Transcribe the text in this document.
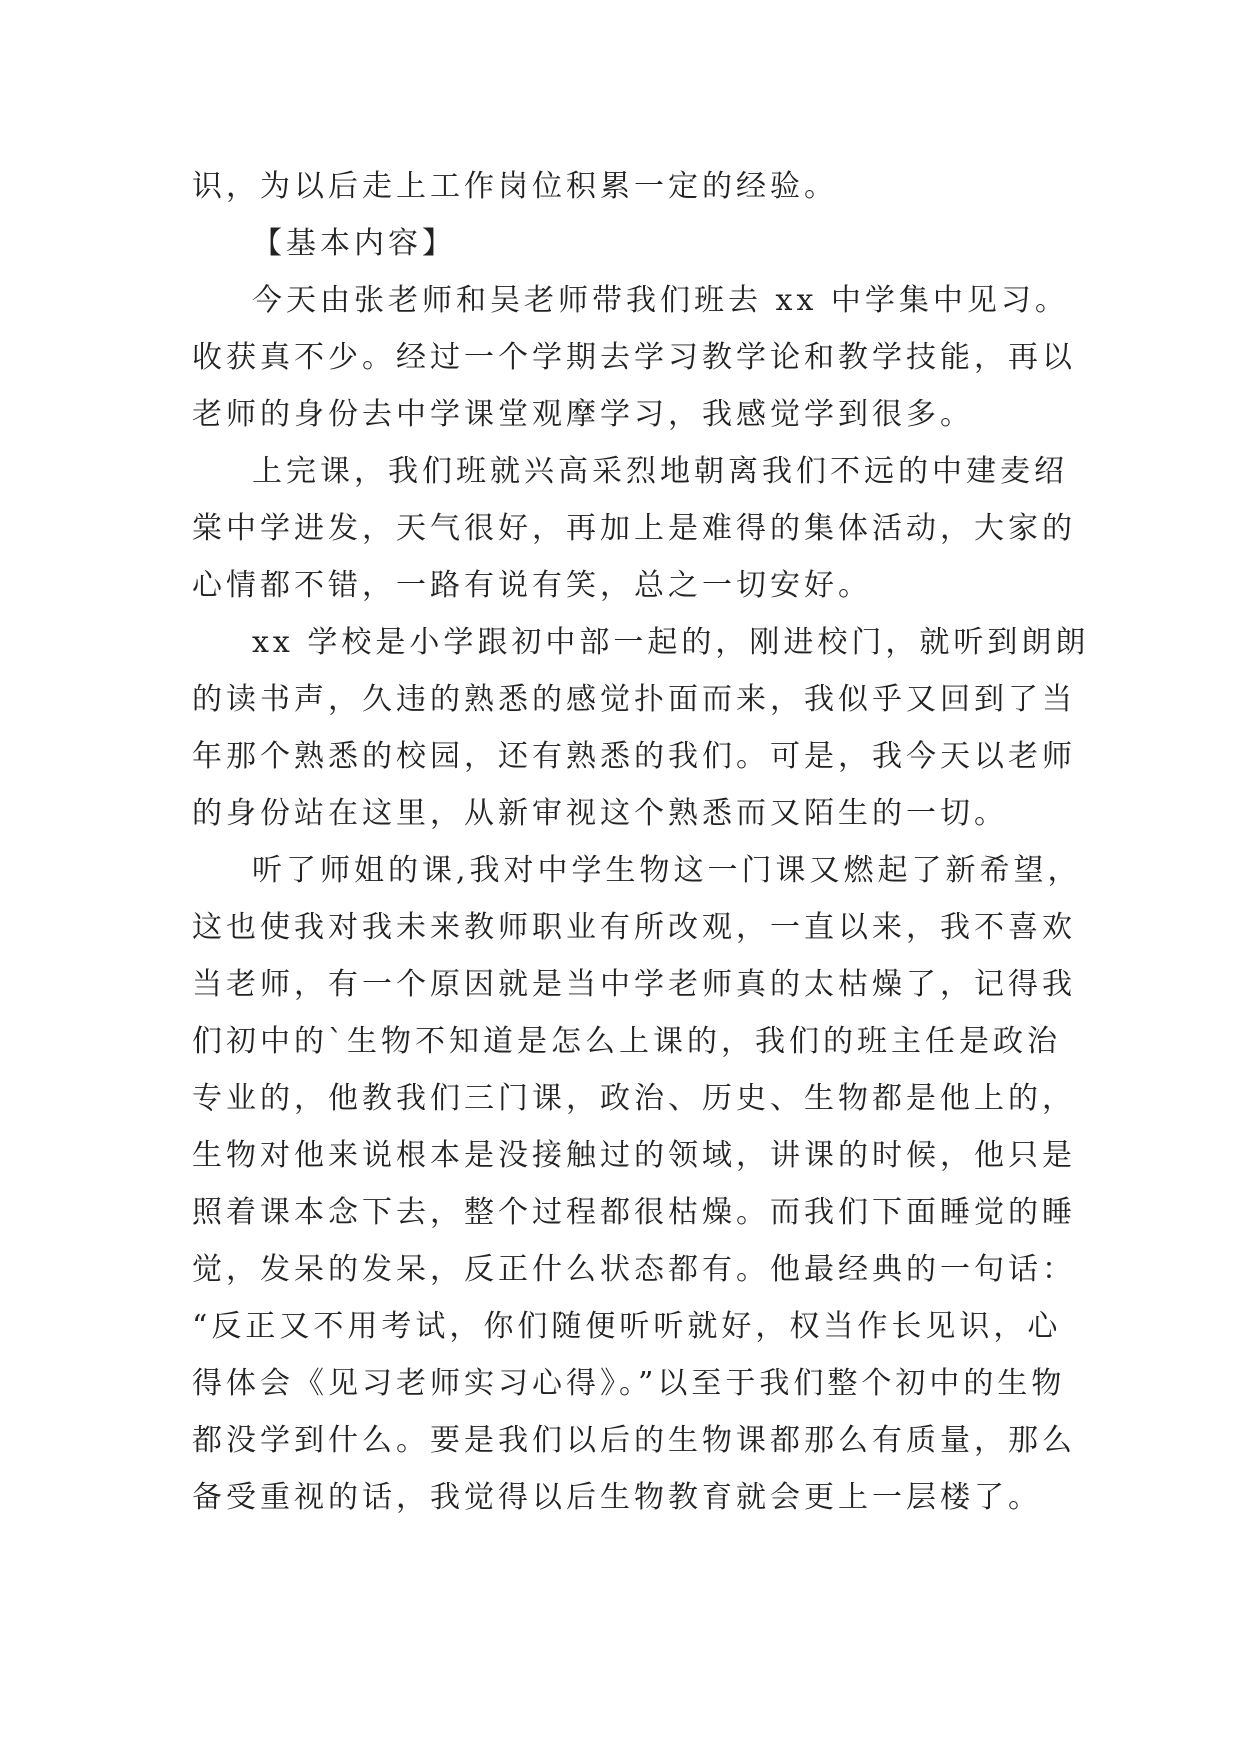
识，为以后走上工作岗位积累一定的经验。
【基本内容】
今天由张老师和吴老师带我们班去 xx 中学集中见习。
收获真不少。经过一个学期去学习教学论和教学技能，再以
老师的身份去中学课堂观摩学习，我感觉学到很多。
上完课，我们班就兴高采烈地朝离我们不远的中建麦绍
棠中学进发，天气很好，再加上是难得的集体活动，大家的
心情都不错，一路有说有笑，总之一切安好。
xx 学校是小学跟初中部一起的，刚进校门，就听到朗朗
的读书声，久违的熟悉的感觉扑面而来，我似乎又回到了当
年那个熟悉的校园，还有熟悉的我们。可是，我今天以老师
的身份站在这里，从新审视这个熟悉而又陌生的一切。
听了师姐的课,我对中学生物这一门课又燃起了新希望，
这也使我对我未来教师职业有所改观，一直以来，我不喜欢
当老师，有一个原因就是当中学老师真的太枯燥了，记得我
们初中的`生物不知道是怎么上课的，我们的班主任是政治
专业的，他教我们三门课，政治、历史、生物都是他上的，
生物对他来说根本是没接触过的领域，讲课的时候，他只是
照着课本念下去，整个过程都很枯燥。而我们下面睡觉的睡
觉，发呆的发呆，反正什么状态都有。他最经典的一句话：
“反正又不用考试，你们随便听听就好，权当作长见识，心
得体会《见习老师实习心得》。”以至于我们整个初中的生物
都没学到什么。要是我们以后的生物课都那么有质量，那么
备受重视的话，我觉得以后生物教育就会更上一层楼了。
